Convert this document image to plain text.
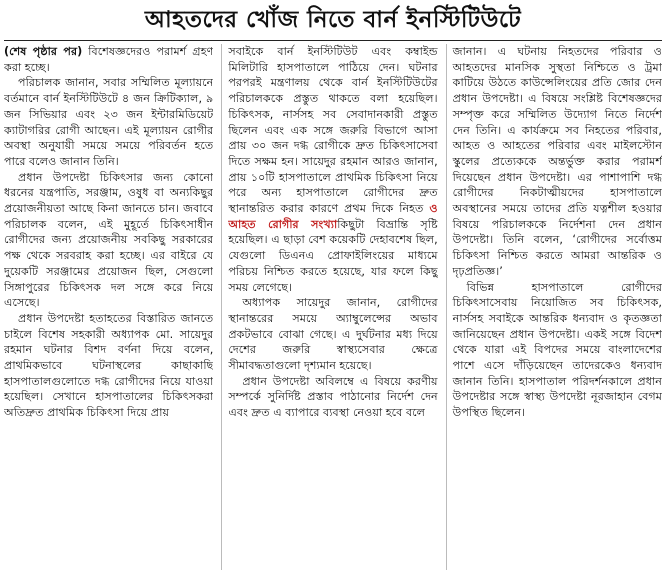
আহতদের খোঁজ নিতে বার্ন ইনস্টিটিউটে

(শেষ পৃষ্ঠার পর) বিশেষজ্ঞদেরও পরামর্শ গ্রহণ করা হচ্ছে।

পরিচালক জানান, সবার সম্মিলিত মূল্যায়নে বর্তমানে বার্ন ইনস্টিটিউটে ৪ জন ক্রিটিক্যাল, ৯ জন সিভিয়ার এবং ২৩ জন ইন্টারমিডিয়েট ক্যাটাগরির রোগী আছেন। এই মূল্যায়ন রোগীর অবস্থা অনুযায়ী সময়ে সময়ে পরিবর্তন হতে পারে বলেও জানান তিনি।

প্রধান উপদেষ্টা চিকিৎসার জন্য কোনো ধরনের যন্ত্রপাতি, সরঞ্জাম, ওষুধ বা অন্যকিছুর প্রয়োজনীয়তা আছে কিনা জানতে চান। জবাবে পরিচালক বলেন, এই মুহূর্তে চিকিৎসাধীন রোগীদের জন্য প্রয়োজনীয় সবকিছু সরকারের পক্ষ থেকে সরবরাহ করা হচ্ছে। এর বাইরে যে দুয়েকটি সরঞ্জামের প্রয়োজন ছিল, সেগুলো সিঙ্গাপুরের চিকিৎসক দল সঙ্গে করে নিয়ে এসেছে।

প্রধান উপদেষ্টা হতাহতের বিস্তারিত জানতে চাইলে বিশেষ সহকারী অধ্যাপক মো. সায়েদুর রহমান ঘটনার বিশদ বর্ণনা দিয়ে বলেন, প্রাথমিকভাবে ঘটনাস্থলের কাছাকাছি হাসপাতালগুলোতে দগ্ধ রোগীদের নিয়ে যাওয়া হয়েছিল। সেখানে হাসপাতালের চিকিৎসকরা অতিদ্রুত প্রাথমিক চিকিৎসা দিয়ে প্রায়

সবাইকে বার্ন ইনস্টিটিউট এবং কম্বাইন্ড মিলিটারি হাসপাতালে পাঠিয়ে দেন। ঘটনার পরপরই মন্ত্রণালয় থেকে বার্ন ইনস্টিটিউটের পরিচালককে প্রস্তুত থাকতে বলা হয়েছিল। চিকিৎসক, নার্সসহ সব সেবাদানকারী প্রস্তুত ছিলেন এবং এক সঙ্গে জরুরি বিভাগে আসা প্রায় ৩০ জন দগ্ধ রোগীকে দ্রুত চিকিৎসাসেবা দিতে সক্ষম হন। সায়েদুর রহমান আরও জানান, প্রায় ১০টি হাসপাতালে প্রাথমিক চিকিৎসা নিয়ে পরে অন্য হাসপাতালে রোগীদের দ্রুত স্থানান্তরিত করার কারণে প্রথম দিকে নিহত ও আহত রোগীর সংখ্যাকিছুটা বিভ্রান্তি সৃষ্টি হয়েছিল। এ ছাড়া বেশ কয়েকটি দেহাবশেষ ছিল, যেগুলো ডিএনএ প্রোফাইলিংয়ের মাধ্যমে পরিচয় নিশ্চিত করতে হয়েছে, যার ফলে কিছু সময় লেগেছে।

অধ্যাপক সায়েদুর জানান, রোগীদের স্থানান্তরের সময়ে অ্যাম্বুলেন্সের অভাব প্রকটভাবে বোঝা গেছে। এ দুর্ঘটনার মধ্য দিয়ে দেশের জরুরি স্বাস্থ্যসেবার ক্ষেত্রে সীমাবদ্ধতাগুলো দৃশ্যমান হয়েছে।

প্রধান উপদেষ্টা অবিলম্বে এ বিষয়ে করণীয় সম্পর্কে সুনির্দিষ্ট প্রস্তাব পাঠানোর নির্দেশ দেন এবং দ্রুত এ ব্যাপারে ব্যবস্থা নেওয়া হবে বলে

জানান। এ ঘটনায় নিহতদের পরিবার ও আহতদের মানসিক সুস্থতা নিশ্চিতে ও ট্রমা কাটিয়ে উঠতে কাউন্সেলিংয়ের প্রতি জোর দেন প্রধান উপদেষ্টা। এ বিষয়ে সংশ্লিষ্ট বিশেষজ্ঞদের সম্পৃক্ত করে সম্মিলিত উদ্যোগ নিতে নির্দেশ দেন তিনি। এ কার্যক্রমে সব নিহতের পরিবার, আহত ও আহতের পরিবার এবং মাইলস্টোন স্কুলের প্রত্যেককে অন্তর্ভুক্ত করার পরামর্শ দিয়েছেন প্রধান উপদেষ্টা। এর পাশাপাশি দগ্ধ রোগীদের নিকটাত্মীয়দের হাসপাতালে অবস্থানের সময়ে তাদের প্রতি যত্নশীল হওয়ার বিষয়ে পরিচালককে নির্দেশনা দেন প্রধান উপদেষ্টা। তিনি বলেন, ‘রোগীদের সর্বোত্তম চিকিৎসা নিশ্চিত করতে আমরা আন্তরিক ও দৃঢ়প্রতিজ্ঞ।’

বিভিন্ন হাসপাতালে রোগীদের চিকিৎসাসেবায় নিয়োজিত সব চিকিৎসক, নার্সসহ সবাইকে আন্তরিক ধন্যবাদ ও কৃতজ্ঞতা জানিয়েছেন প্রধান উপদেষ্টা। একই সঙ্গে বিদেশ থেকে যারা এই বিপদের সময়ে বাংলাদেশের পাশে এসে দাঁড়িয়েছেন তাদেরকেও ধন্যবাদ জানান তিনি। হাসপাতাল পরিদর্শনকালে প্রধান উপদেষ্টার সঙ্গে স্বাস্থ্য উপদেষ্টা নূরজাহান বেগম উপস্থিত ছিলেন।
